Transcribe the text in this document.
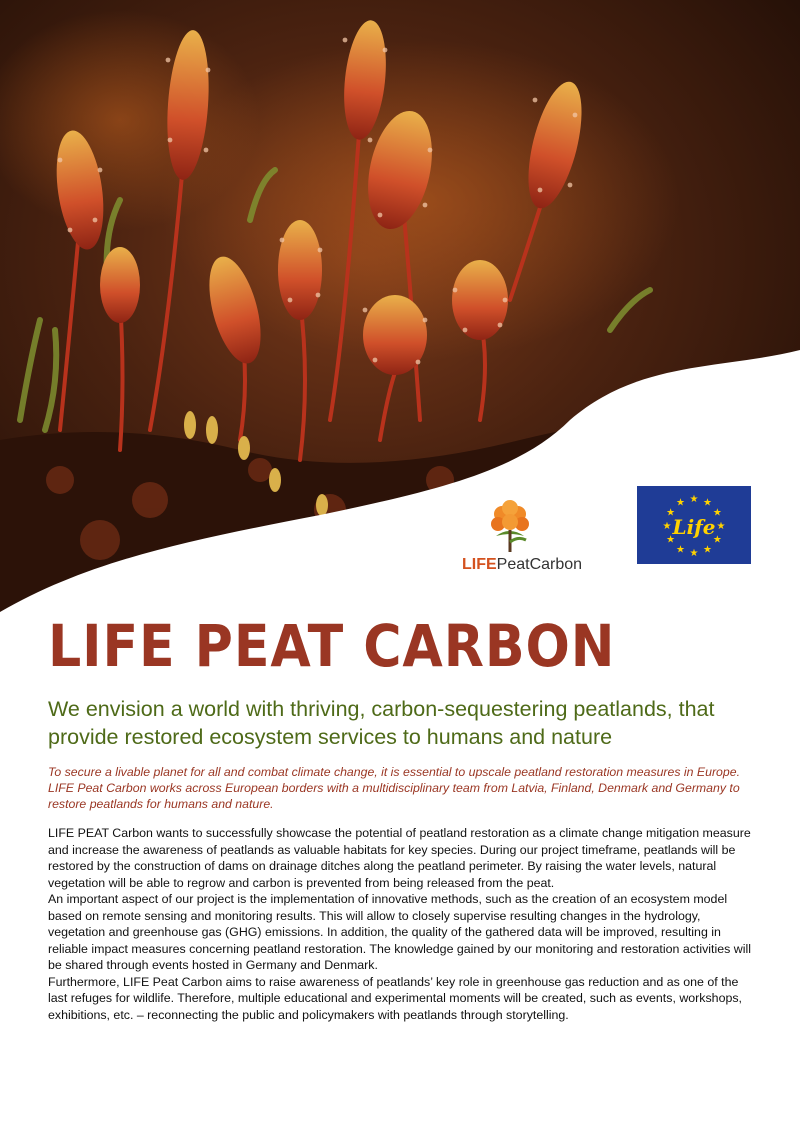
LIFEPeatCarbon
★ ★
★
★
★
★
★
★
★
★
★
★
Life
LIFE PEAT CARBON
We envision a world with thriving, carbon-sequestering peatlands, that provide restored ecosystem services to humans and nature
To secure a livable planet for all and combat climate change, it is essential to upscale peatland restoration measures in Europe. LIFE Peat Carbon works across European borders with a multidisciplinary team from Latvia, Finland, Denmark and Germany to restore peatlands for humans and nature.

LIFE PEAT Carbon wants to successfully showcase the potential of peatland restoration as a climate change mitigation measure and increase the awareness of peatlands as valuable habitats for key species. During our project timeframe, peatlands will be restored by the construction of dams on drainage ditches along the peatland perimeter. By raising the water levels, natural vegetation will be able to regrow and carbon is prevented from being released from the peat.

An important aspect of our project is the implementation of innovative methods, such as the creation of an ecosystem model based on remote sensing and monitoring results. This will allow to closely supervise resulting changes in the hydrology, vegetation and greenhouse gas (GHG) emissions. In addition, the quality of the gathered data will be improved, resulting in reliable impact measures concerning peatland restoration. The knowledge gained by our monitoring and restoration activities will be shared through events hosted in Germany and Denmark.

Furthermore, LIFE Peat Carbon aims to raise awareness of peatlands’ key role in greenhouse gas reduction and as one of the last refuges for wildlife. Therefore, multiple educational and experimental moments will be created, such as events, workshops, exhibitions, etc. – reconnecting the public and policymakers with peatlands through storytelling.
